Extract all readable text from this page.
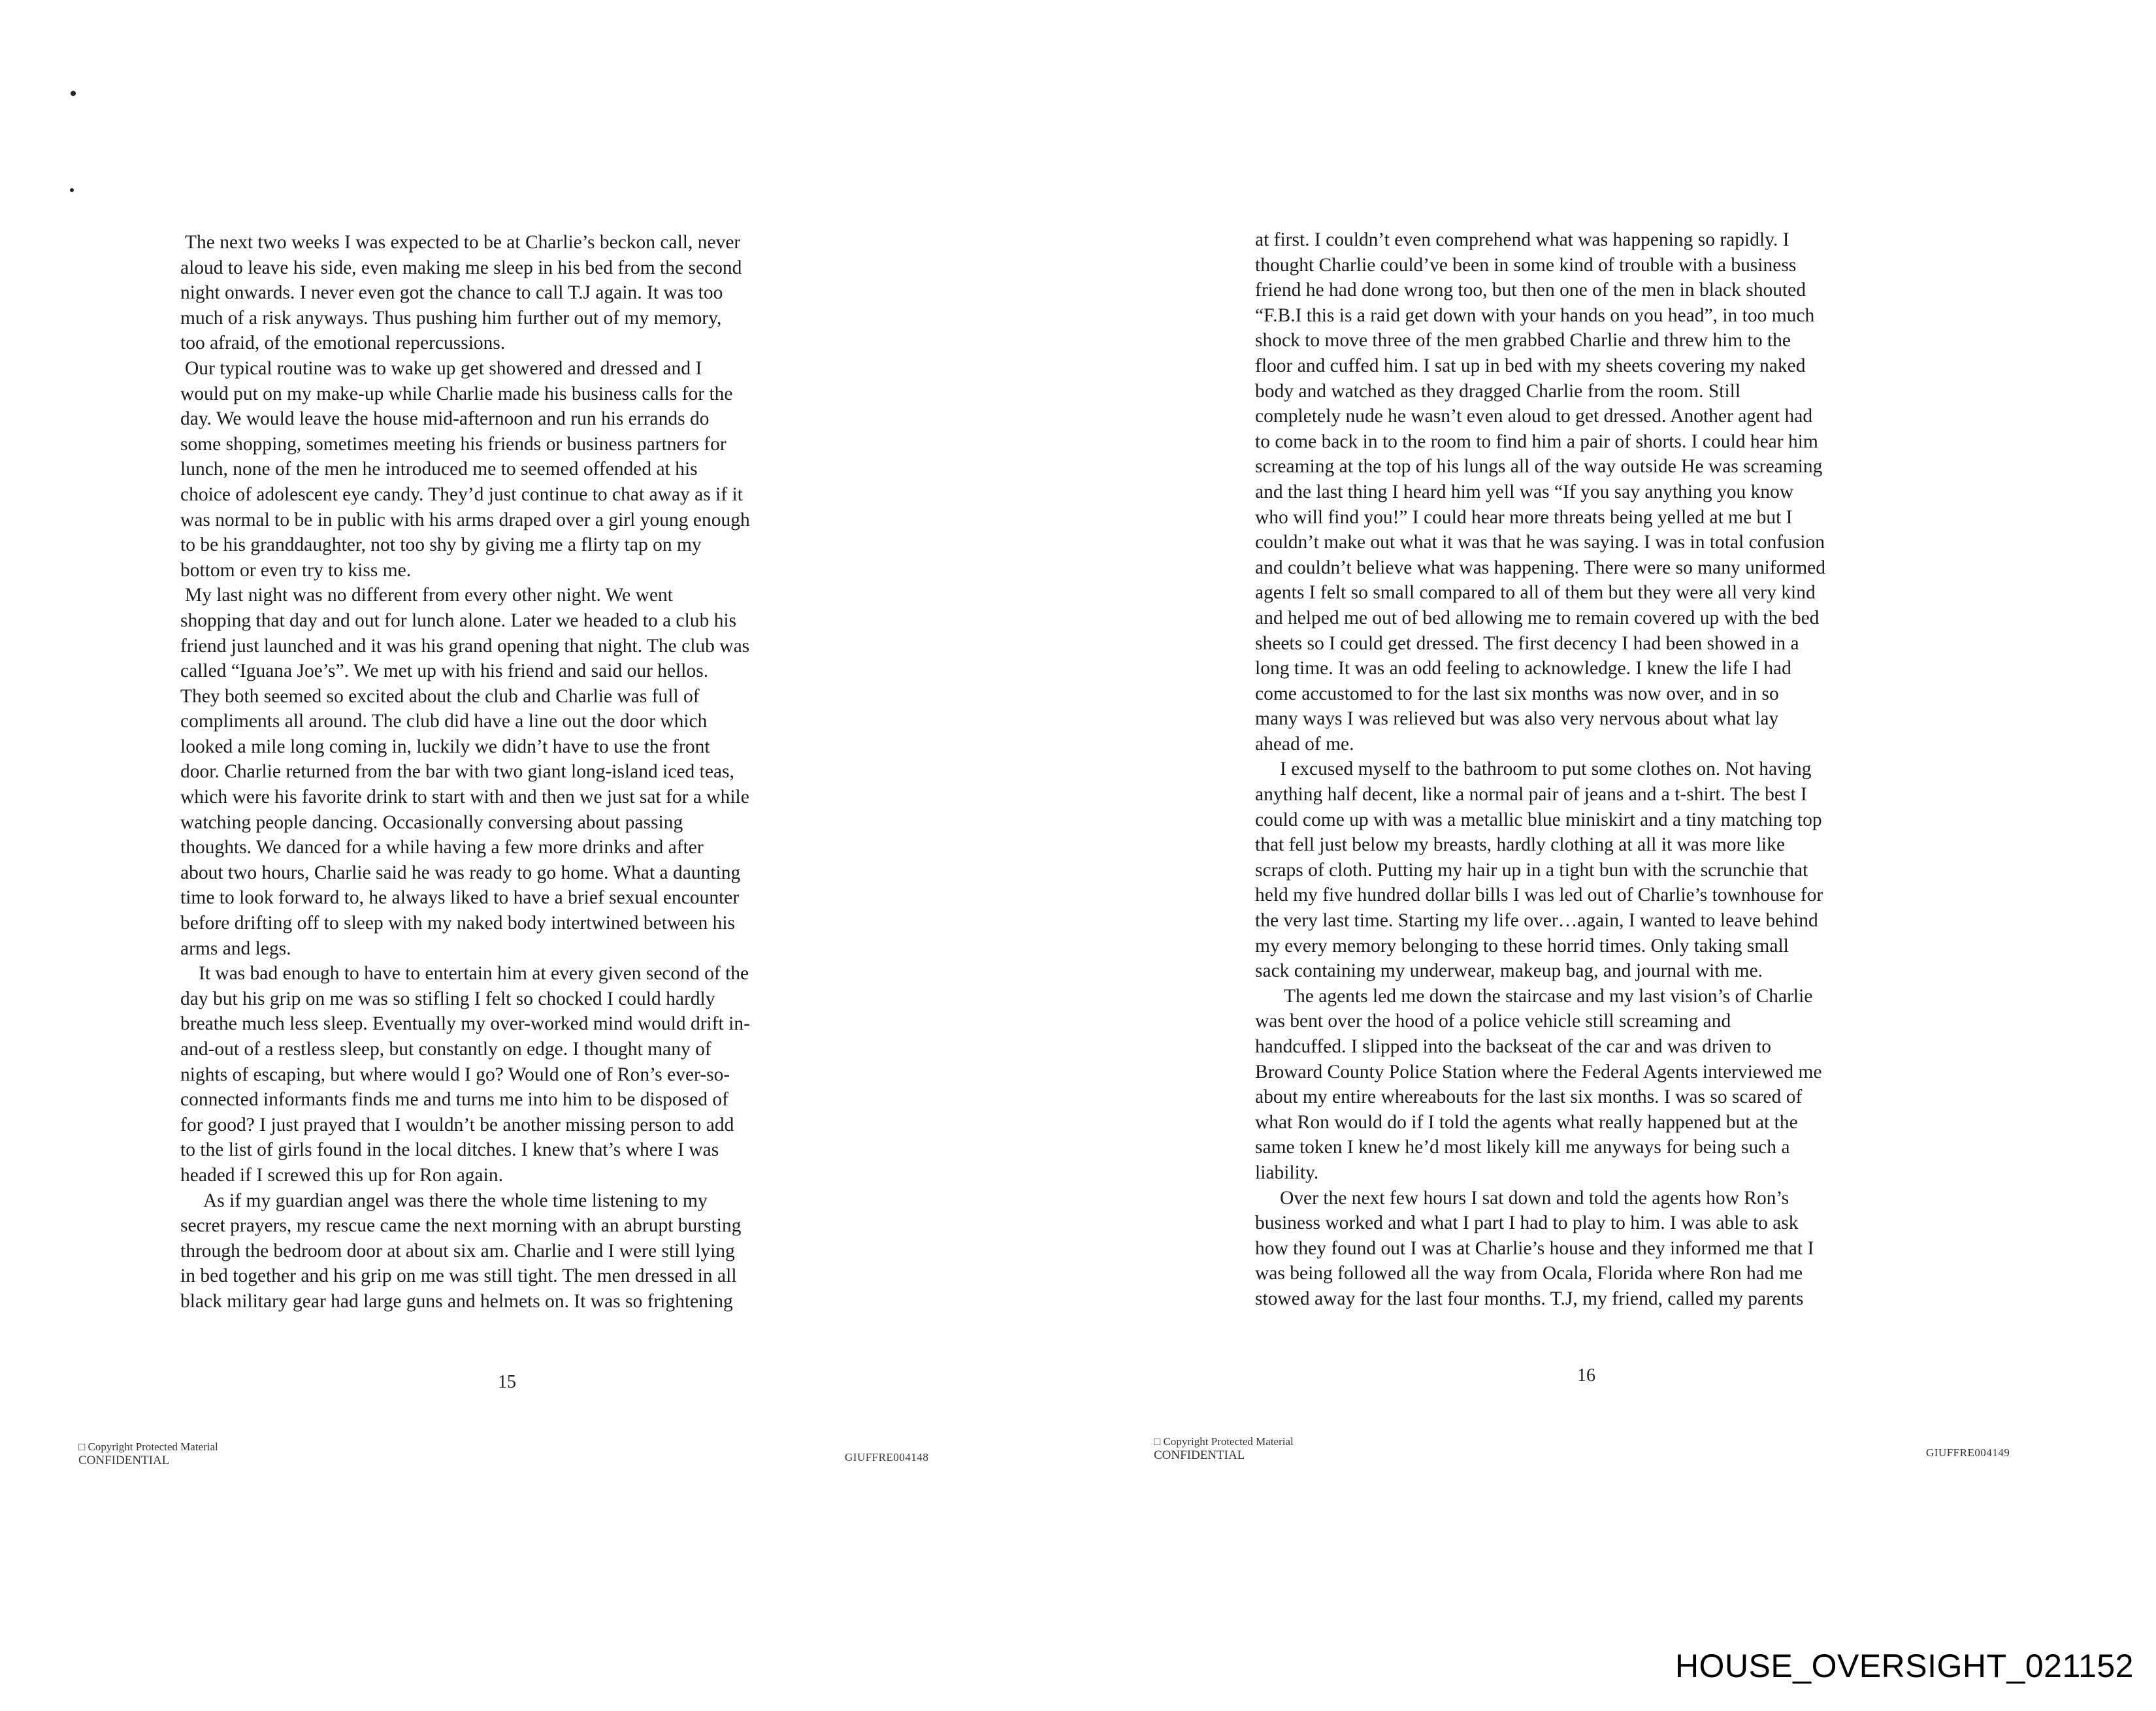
The next two weeks I was expected to be at Charlie’s beckon call, never
aloud to leave his side, even making me sleep in his bed from the second
night onwards. I never even got the chance to call T.J again. It was too
much of a risk anyways. Thus pushing him further out of my memory,
too afraid, of the emotional repercussions.
Our typical routine was to wake up get showered and dressed and I
would put on my make-up while Charlie made his business calls for the
day. We would leave the house mid-afternoon and run his errands do
some shopping, sometimes meeting his friends or business partners for
lunch, none of the men he introduced me to seemed offended at his
choice of adolescent eye candy. They’d just continue to chat away as if it
was normal to be in public with his arms draped over a girl young enough
to be his granddaughter, not too shy by giving me a flirty tap on my
bottom or even try to kiss me.
My last night was no different from every other night. We went
shopping that day and out for lunch alone. Later we headed to a club his
friend just launched and it was his grand opening that night. The club was
called “Iguana Joe’s”. We met up with his friend and said our hellos.
They both seemed so excited about the club and Charlie was full of
compliments all around. The club did have a line out the door which
looked a mile long coming in, luckily we didn’t have to use the front
door. Charlie returned from the bar with two giant long-island iced teas,
which were his favorite drink to start with and then we just sat for a while
watching people dancing. Occasionally conversing about passing
thoughts. We danced for a while having a few more drinks and after
about two hours, Charlie said he was ready to go home. What a daunting
time to look forward to, he always liked to have a brief sexual encounter
before drifting off to sleep with my naked body intertwined between his
arms and legs.
It was bad enough to have to entertain him at every given second of the
day but his grip on me was so stifling I felt so chocked I could hardly
breathe much less sleep. Eventually my over-worked mind would drift in-
and-out of a restless sleep, but constantly on edge. I thought many of
nights of escaping, but where would I go? Would one of Ron’s ever-so-
connected informants finds me and turns me into him to be disposed of
for good? I just prayed that I wouldn’t be another missing person to add
to the list of girls found in the local ditches. I knew that’s where I was
headed if I screwed this up for Ron again.
As if my guardian angel was there the whole time listening to my
secret prayers, my rescue came the next morning with an abrupt bursting
through the bedroom door at about six am. Charlie and I were still lying
in bed together and his grip on me was still tight. The men dressed in all
black military gear had large guns and helmets on. It was so frightening
15
□ Copyright Protected Material
CONFIDENTIAL	GIUFFRE004148
at first. I couldn’t even comprehend what was happening so rapidly. I
thought Charlie could’ve been in some kind of trouble with a business
friend he had done wrong too, but then one of the men in black shouted
“F.B.I this is a raid get down with your hands on you head”, in too much
shock to move three of the men grabbed Charlie and threw him to the
floor and cuffed him. I sat up in bed with my sheets covering my naked
body and watched as they dragged Charlie from the room. Still
completely nude he wasn’t even aloud to get dressed. Another agent had
to come back in to the room to find him a pair of shorts. I could hear him
screaming at the top of his lungs all of the way outside He was screaming
and the last thing I heard him yell was “If you say anything you know
who will find you!” I could hear more threats being yelled at me but I
couldn’t make out what it was that he was saying. I was in total confusion
and couldn’t believe what was happening. There were so many uniformed
agents I felt so small compared to all of them but they were all very kind
and helped me out of bed allowing me to remain covered up with the bed
sheets so I could get dressed. The first decency I had been showed in a
long time. It was an odd feeling to acknowledge. I knew the life I had
come accustomed to for the last six months was now over, and in so
many ways I was relieved but was also very nervous about what lay
ahead of me.
I excused myself to the bathroom to put some clothes on. Not having
anything half decent, like a normal pair of jeans and a t-shirt. The best I
could come up with was a metallic blue miniskirt and a tiny matching top
that fell just below my breasts, hardly clothing at all it was more like
scraps of cloth. Putting my hair up in a tight bun with the scrunchie that
held my five hundred dollar bills I was led out of Charlie’s townhouse for
the very last time. Starting my life over…again, I wanted to leave behind
my every memory belonging to these horrid times. Only taking small
sack containing my underwear, makeup bag, and journal with me.
The agents led me down the staircase and my last vision’s of Charlie
was bent over the hood of a police vehicle still screaming and
handcuffed. I slipped into the backseat of the car and was driven to
Broward County Police Station where the Federal Agents interviewed me
about my entire whereabouts for the last six months. I was so scared of
what Ron would do if I told the agents what really happened but at the
same token I knew he’d most likely kill me anyways for being such a
liability.
Over the next few hours I sat down and told the agents how Ron’s
business worked and what I part I had to play to him. I was able to ask
how they found out I was at Charlie’s house and they informed me that I
was being followed all the way from Ocala, Florida where Ron had me
stowed away for the last four months. T.J, my friend, called my parents
16
□ Copyright Protected Material
CONFIDENTIAL	GIUFFRE004149
HOUSE_OVERSIGHT_021152
